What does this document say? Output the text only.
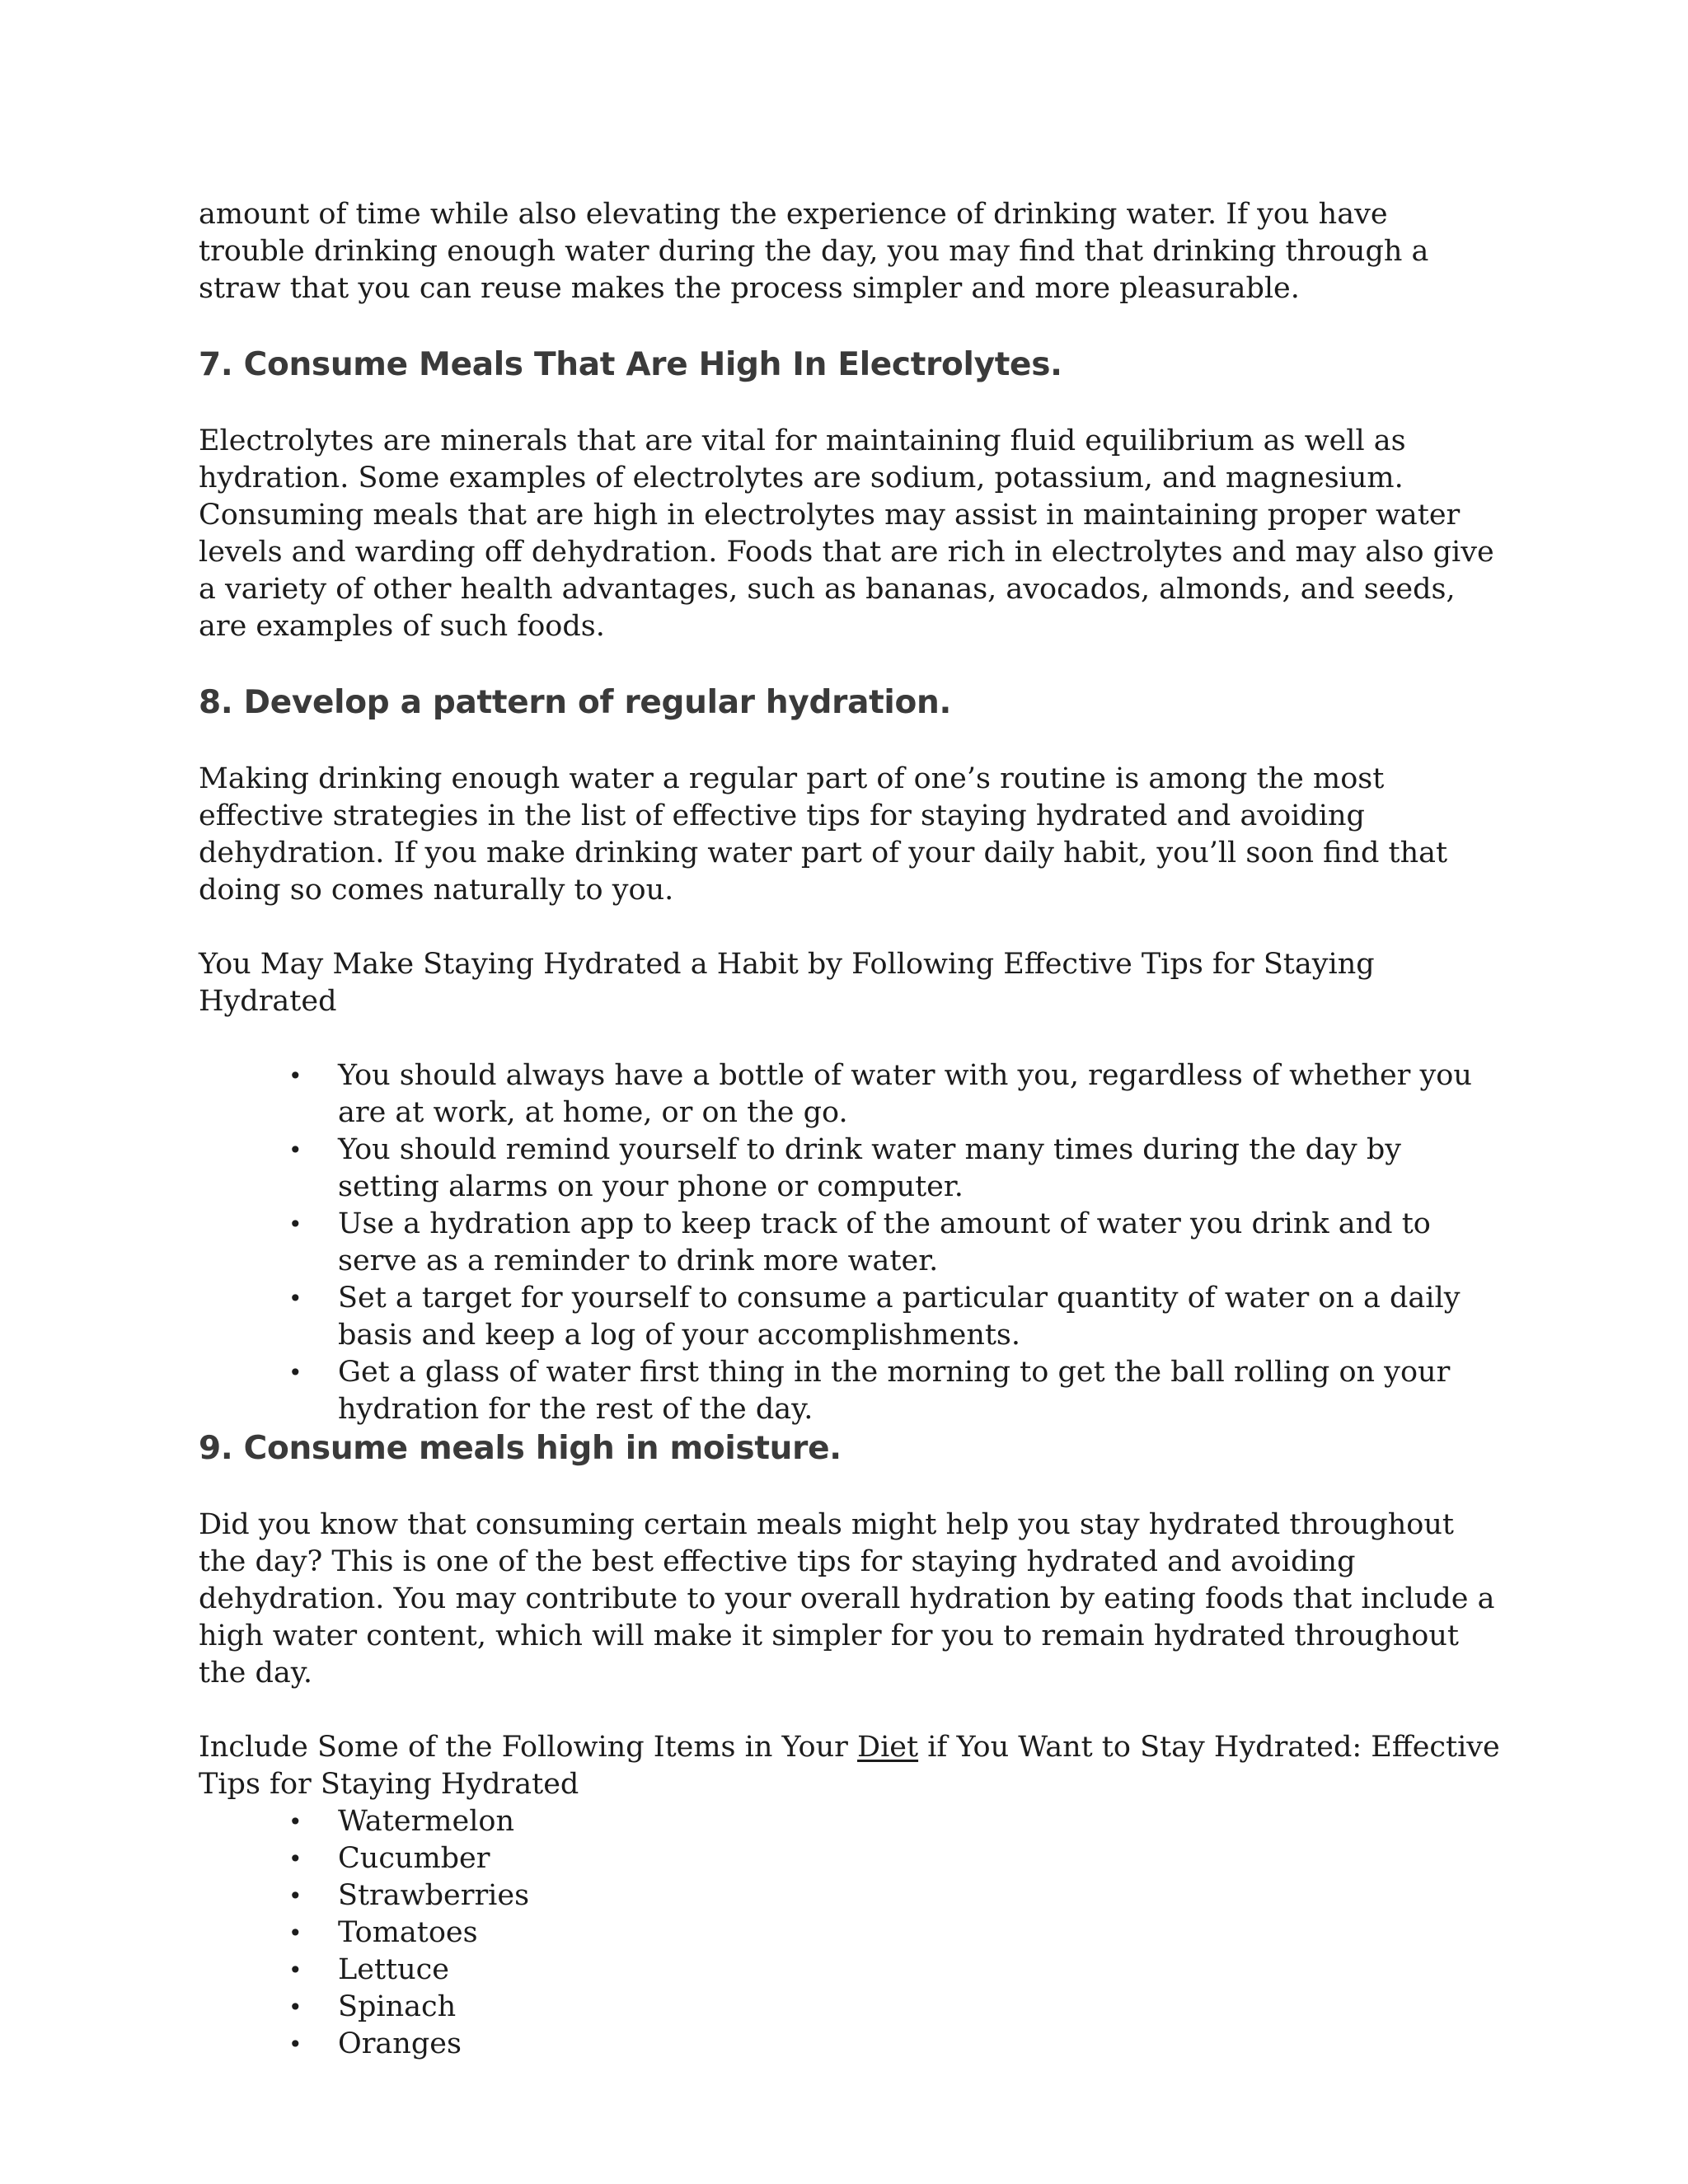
amount of time while also elevating the experience of drinking water. If you have trouble drinking enough water during the day, you may find that drinking through a straw that you can reuse makes the process simpler and more pleasurable.

7. Consume Meals That Are High In Electrolytes.

Electrolytes are minerals that are vital for maintaining fluid equilibrium as well as hydration. Some examples of electrolytes are sodium, potassium, and magnesium. Consuming meals that are high in electrolytes may assist in maintaining proper water levels and warding off dehydration. Foods that are rich in electrolytes and may also give a variety of other health advantages, such as bananas, avocados, almonds, and seeds, are examples of such foods.

8. Develop a pattern of regular hydration.

Making drinking enough water a regular part of one’s routine is among the most effective strategies in the list of effective tips for staying hydrated and avoiding dehydration. If you make drinking water part of your daily habit, you’ll soon find that doing so comes naturally to you.

You May Make Staying Hydrated a Habit by Following Effective Tips for Staying Hydrated

• You should always have a bottle of water with you, regardless of whether you are at work, at home, or on the go.
• You should remind yourself to drink water many times during the day by setting alarms on your phone or computer.
• Use a hydration app to keep track of the amount of water you drink and to serve as a reminder to drink more water.
• Set a target for yourself to consume a particular quantity of water on a daily basis and keep a log of your accomplishments.
• Get a glass of water first thing in the morning to get the ball rolling on your hydration for the rest of the day.
9. Consume meals high in moisture.

Did you know that consuming certain meals might help you stay hydrated throughout the day? This is one of the best effective tips for staying hydrated and avoiding dehydration. You may contribute to your overall hydration by eating foods that include a high water content, which will make it simpler for you to remain hydrated throughout the day.

Include Some of the Following Items in Your Diet if You Want to Stay Hydrated: Effective Tips for Staying Hydrated

• Watermelon
• Cucumber
• Strawberries
• Tomatoes
• Lettuce
• Spinach
• Oranges
